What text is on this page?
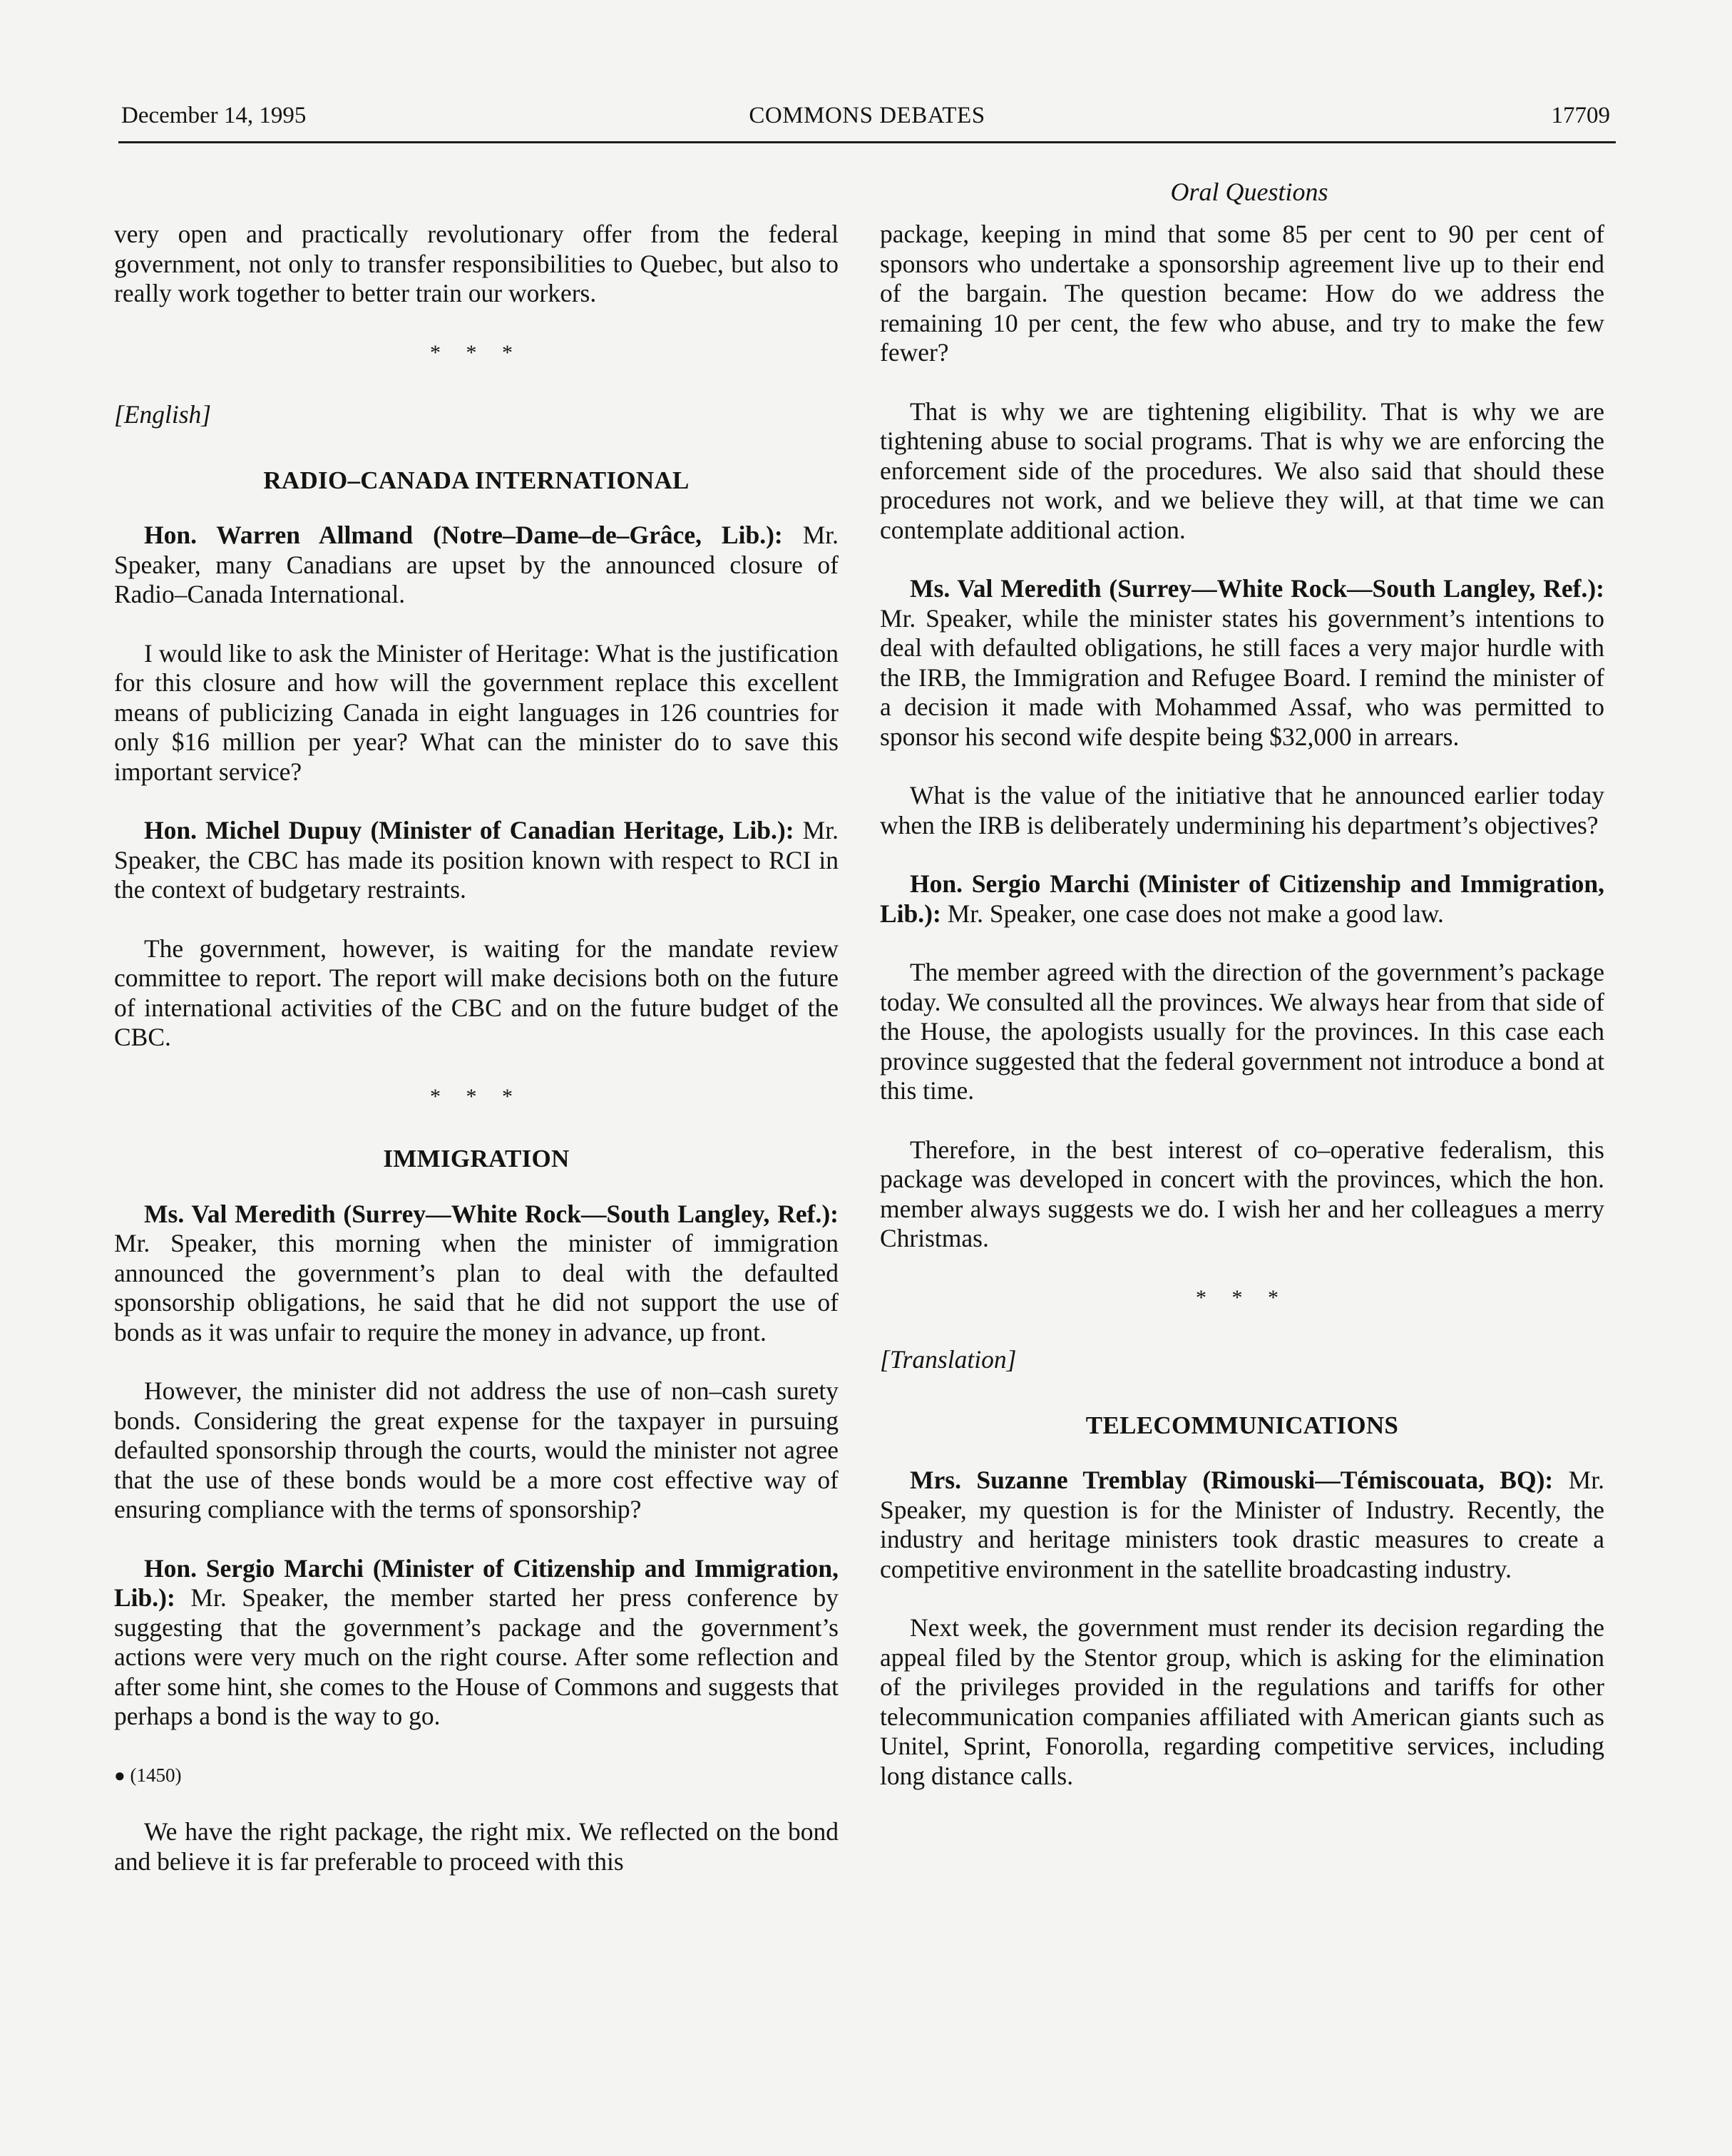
December 14, 1995	COMMONS DEBATES	17709
Oral Questions

very open and practically revolutionary offer from the federal government, not only to transfer responsibilities to Quebec, but also to really work together to better train our workers.

* * *
[English]
RADIO–CANADA INTERNATIONAL

Hon. Warren Allmand (Notre–Dame–de–Grâce, Lib.): Mr. Speaker, many Canadians are upset by the announced closure of Radio–Canada International.

I would like to ask the Minister of Heritage: What is the justification for this closure and how will the government replace this excellent means of publicizing Canada in eight languages in 126 countries for only $16 million per year? What can the minister do to save this important service?

Hon. Michel Dupuy (Minister of Canadian Heritage, Lib.): Mr. Speaker, the CBC has made its position known with respect to RCI in the context of budgetary restraints.

The government, however, is waiting for the mandate review committee to report. The report will make decisions both on the future of international activities of the CBC and on the future budget of the CBC.

* * *
IMMIGRATION

Ms. Val Meredith (Surrey—White Rock—South Langley, Ref.): Mr. Speaker, this morning when the minister of immigration announced the government’s plan to deal with the defaulted sponsorship obligations, he said that he did not support the use of bonds as it was unfair to require the money in advance, up front.

However, the minister did not address the use of non–cash surety bonds. Considering the great expense for the taxpayer in pursuing defaulted sponsorship through the courts, would the minister not agree that the use of these bonds would be a more cost effective way of ensuring compliance with the terms of sponsorship?

Hon. Sergio Marchi (Minister of Citizenship and Immigration, Lib.): Mr. Speaker, the member started her press conference by suggesting that the government’s package and the government’s actions were very much on the right course. After some reflection and after some hint, she comes to the House of Commons and suggests that perhaps a bond is the way to go.

● (1450)

We have the right package, the right mix. We reflected on the bond and believe it is far preferable to proceed with this

package, keeping in mind that some 85 per cent to 90 per cent of sponsors who undertake a sponsorship agreement live up to their end of the bargain. The question became: How do we address the remaining 10 per cent, the few who abuse, and try to make the few fewer?

That is why we are tightening eligibility. That is why we are tightening abuse to social programs. That is why we are enforcing the enforcement side of the procedures. We also said that should these procedures not work, and we believe they will, at that time we can contemplate additional action.

Ms. Val Meredith (Surrey—White Rock—South Langley, Ref.): Mr. Speaker, while the minister states his government’s intentions to deal with defaulted obligations, he still faces a very major hurdle with the IRB, the Immigration and Refugee Board. I remind the minister of a decision it made with Mohammed Assaf, who was permitted to sponsor his second wife despite being $32,000 in arrears.

What is the value of the initiative that he announced earlier today when the IRB is deliberately undermining his department’s objectives?

Hon. Sergio Marchi (Minister of Citizenship and Immigration, Lib.): Mr. Speaker, one case does not make a good law.

The member agreed with the direction of the government’s package today. We consulted all the provinces. We always hear from that side of the House, the apologists usually for the provinces. In this case each province suggested that the federal government not introduce a bond at this time.

Therefore, in the best interest of co–operative federalism, this package was developed in concert with the provinces, which the hon. member always suggests we do. I wish her and her colleagues a merry Christmas.

* * *
[Translation]
TELECOMMUNICATIONS

Mrs. Suzanne Tremblay (Rimouski—Témiscouata, BQ): Mr. Speaker, my question is for the Minister of Industry. Recently, the industry and heritage ministers took drastic measures to create a competitive environment in the satellite broadcasting industry.

Next week, the government must render its decision regarding the appeal filed by the Stentor group, which is asking for the elimination of the privileges provided in the regulations and tariffs for other telecommunication companies affiliated with American giants such as Unitel, Sprint, Fonorolla, regarding competitive services, including long distance calls.
